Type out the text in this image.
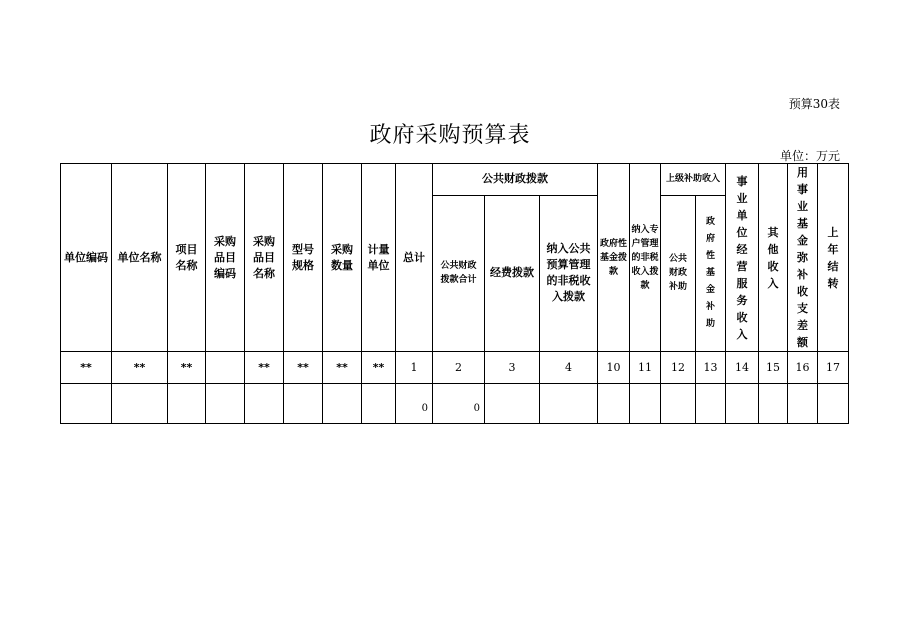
预算30表
政府采购预算表
单位：万元
单位编码	单位名称	项目名称	采购品目编码	采购品目名称	型号规格	采购数量	计量单位	总计	公共财政拨款			政府性基金拨款	纳入专户管理的非税收入拨款	上级补助收入		事业单位经营服务收入	其他收入	用事业基金弥补收支差额	上年结转
									公共财政拨款合计	经费拨款	纳入公共预算管理的非税收入拨款			公共财政补助	政府性基金补助				
**	**	**		**	**	**	**	1	2	3	4	10	11	12	13	14	15	16	17
								0	0										
